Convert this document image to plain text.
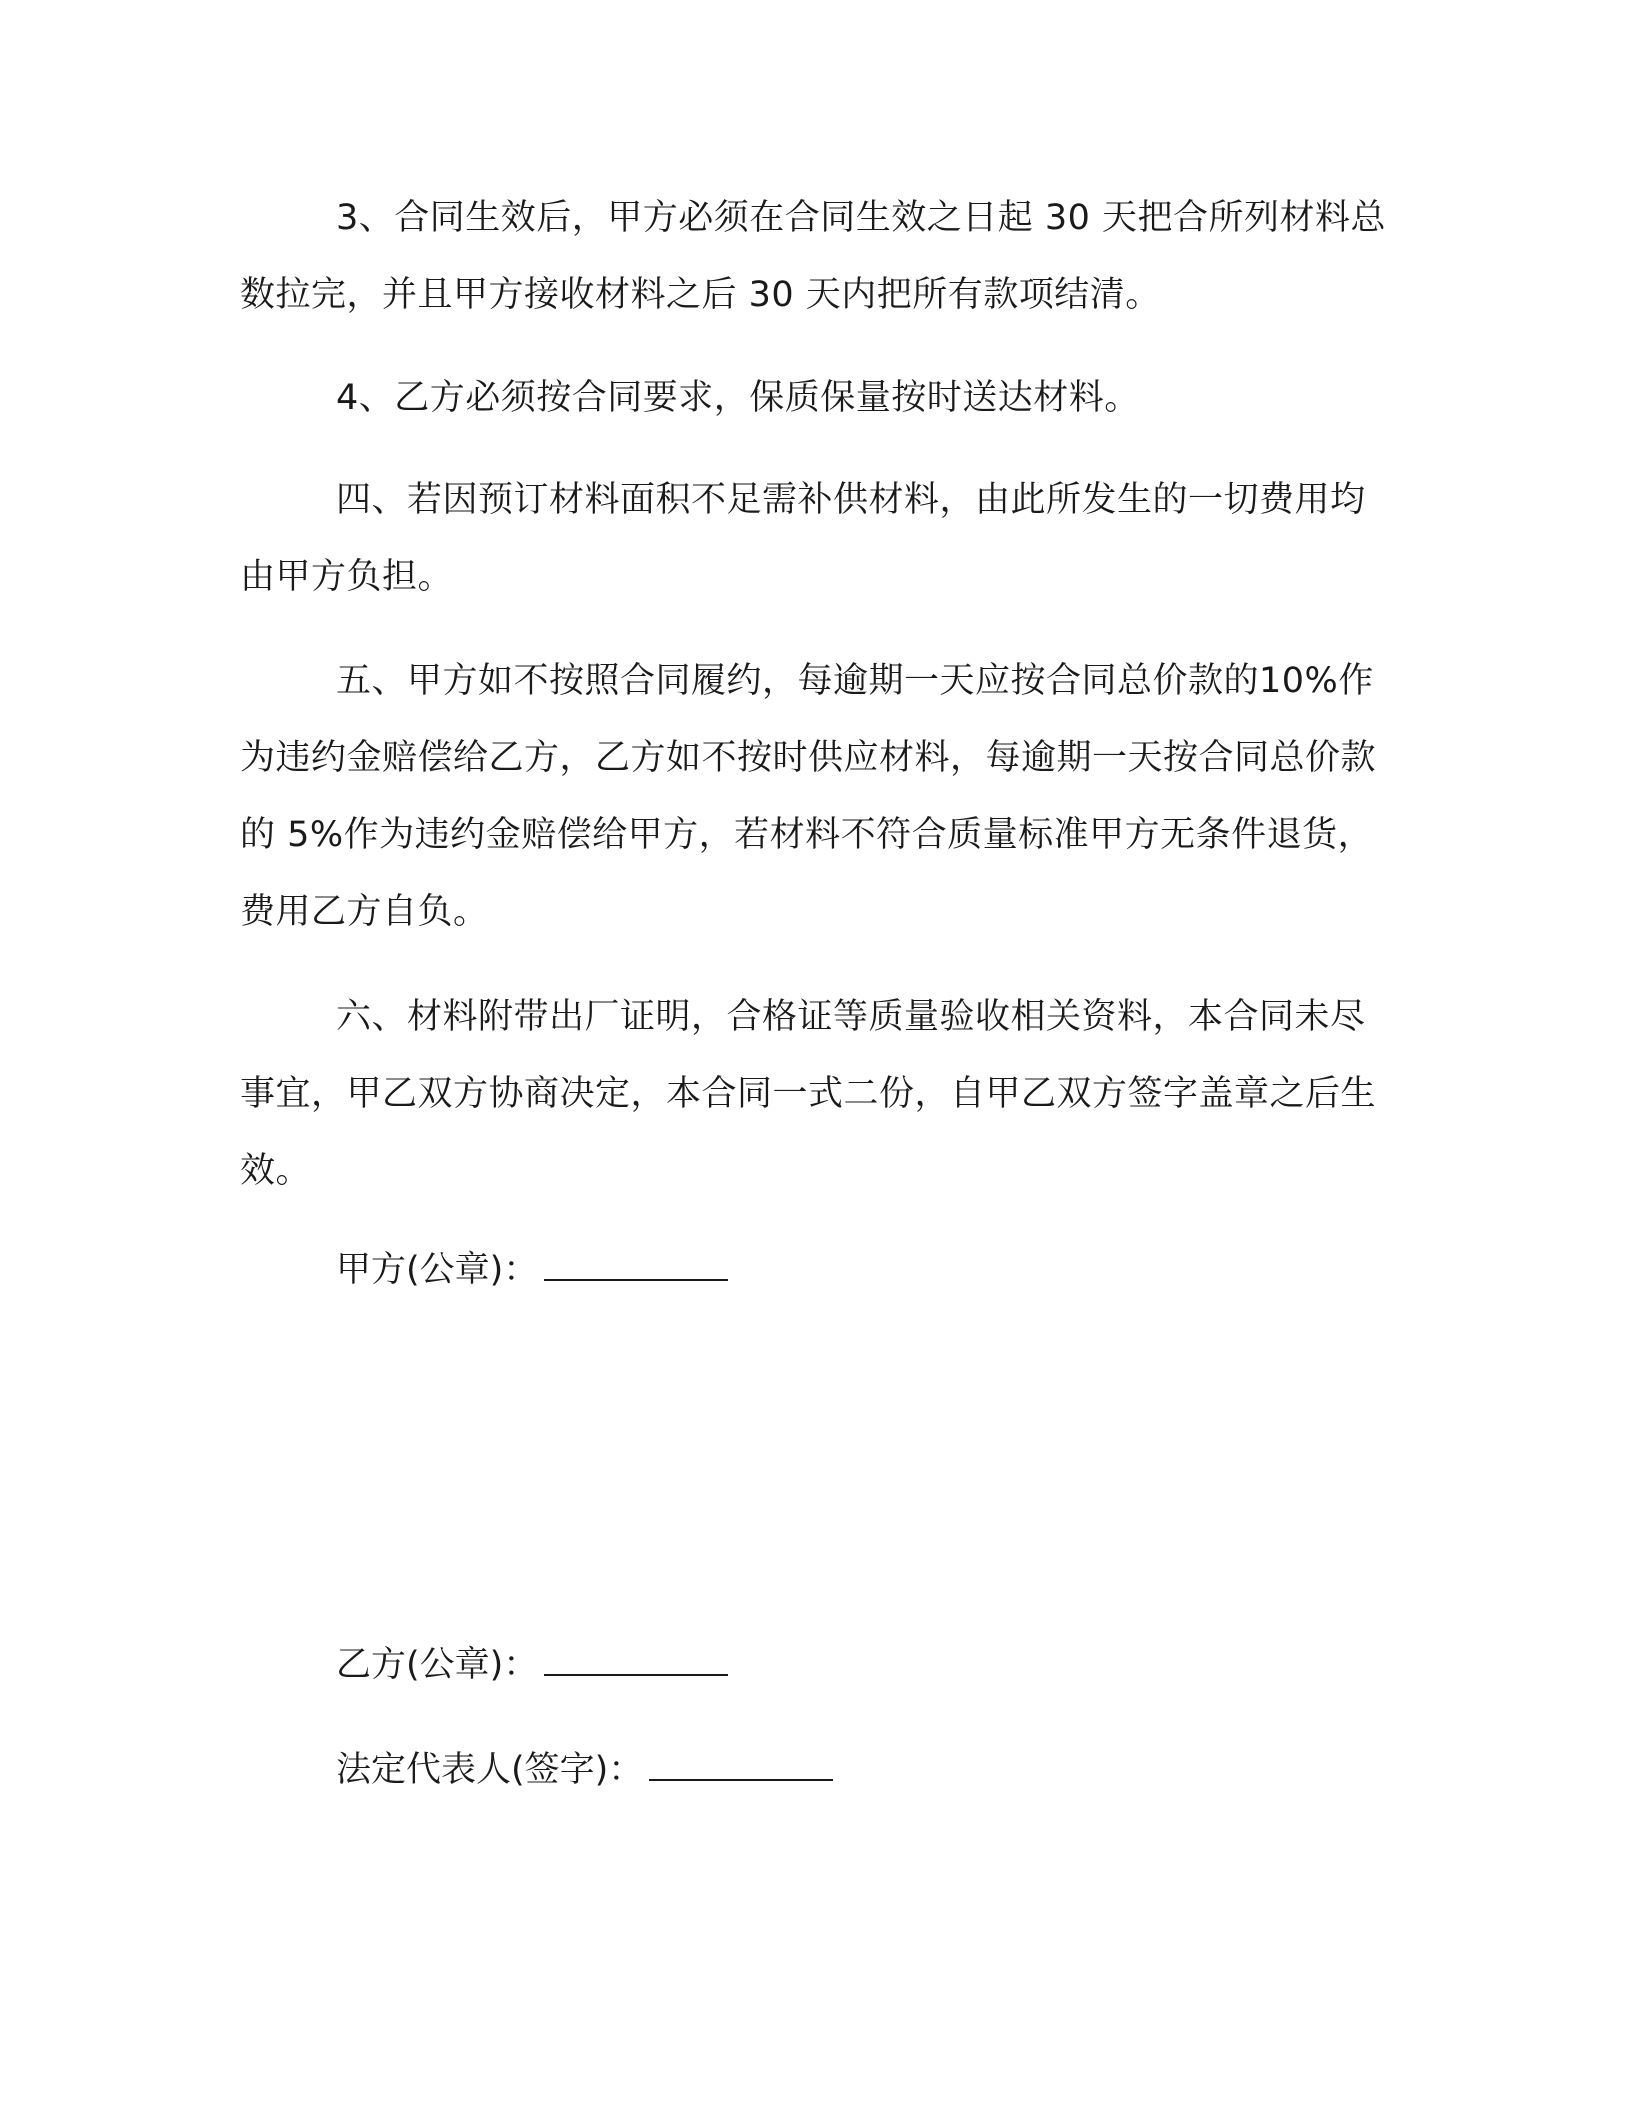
3、合同生效后，甲方必须在合同生效之日起 30 天把合所列材料总数拉完，并且甲方接收材料之后 30 天内把所有款项结清。

4、乙方必须按合同要求，保质保量按时送达材料。

四、若因预订材料面积不足需补供材料，由此所发生的一切费用均由甲方负担。

五、甲方如不按照合同履约，每逾期一天应按合同总价款的10%作为违约金赔偿给乙方，乙方如不按时供应材料，每逾期一天按合同总价款的 5%作为违约金赔偿给甲方，若材料不符合质量标准甲方无条件退货，费用乙方自负。

六、材料附带出厂证明，合格证等质量验收相关资料，本合同未尽事宜，甲乙双方协商决定，本合同一式二份，自甲乙双方签字盖章之后生效。

甲方(公章)：

乙方(公章)：

法定代表人(签字)：
